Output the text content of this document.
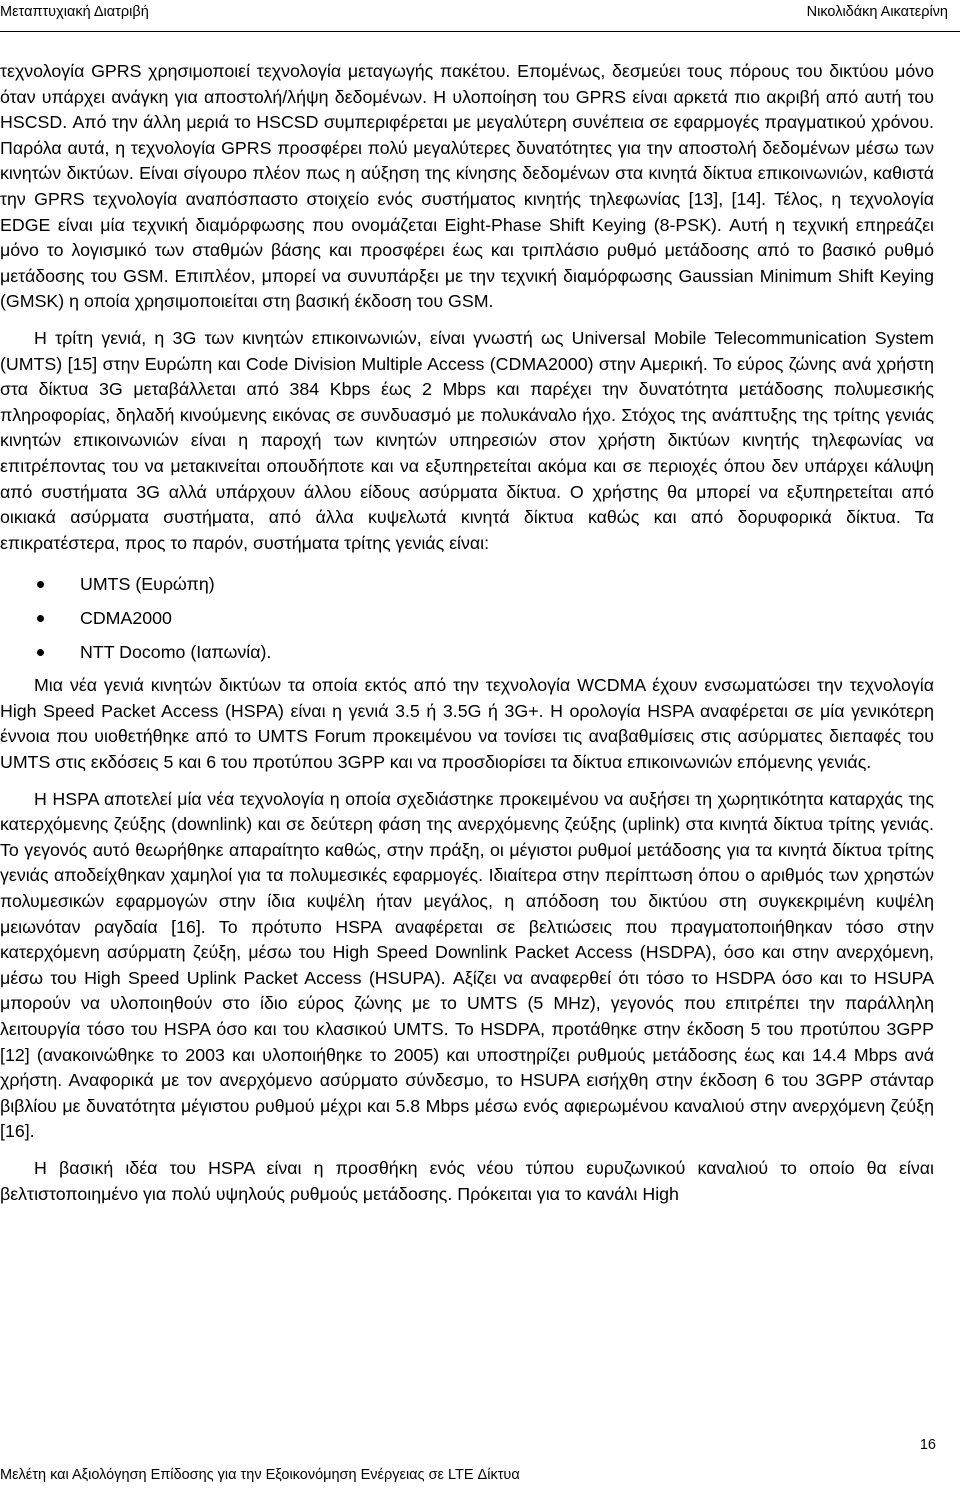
Μεταπτυχιακή Διατριβή	Νικολιδάκη Αικατερίνη

τεχνολογία GPRS χρησιμοποιεί τεχνολογία μεταγωγής πακέτου. Επομένως, δεσμεύει τους πόρους του δικτύου μόνο όταν υπάρχει ανάγκη για αποστολή/λήψη δεδομένων. Η υλοποίηση του GPRS είναι αρκετά πιο ακριβή από αυτή του HSCSD. Από την άλλη μεριά το HSCSD συμπεριφέρεται με μεγαλύτερη συνέπεια σε εφαρμογές πραγματικού χρόνου. Παρόλα αυτά, η τεχνολογία GPRS προσφέρει πολύ μεγαλύτερες δυνατότητες για την αποστολή δεδομένων μέσω των κινητών δικτύων. Είναι σίγουρο πλέον πως η αύξηση της κίνησης δεδομένων στα κινητά δίκτυα επικοινωνιών, καθιστά την GPRS τεχνολογία αναπόσπαστο στοιχείο ενός συστήματος κινητής τηλεφωνίας [13], [14]. Τέλος, η τεχνολογία EDGE είναι μία τεχνική διαμόρφωσης που ονομάζεται Eight-Phase Shift Keying (8-PSK). Αυτή η τεχνική επηρεάζει μόνο το λογισμικό των σταθμών βάσης και προσφέρει έως και τριπλάσιο ρυθμό μετάδοσης από το βασικό ρυθμό μετάδοσης του GSM. Επιπλέον, μπορεί να συνυπάρξει με την τεχνική διαμόρφωσης Gaussian Minimum Shift Keying (GMSK) η οποία χρησιμοποιείται στη βασική έκδοση του GSM.

Η τρίτη γενιά, η 3G των κινητών επικοινωνιών, είναι γνωστή ως Universal Mobile Telecommunication System (UMTS) [15] στην Ευρώπη και Code Division Multiple Access (CDMA2000) στην Αμερική. Το εύρος ζώνης ανά χρήστη στα δίκτυα 3G μεταβάλλεται από 384 Kbps έως 2 Mbps και παρέχει την δυνατότητα μετάδοσης πολυμεσικής πληροφορίας, δηλαδή κινούμενης εικόνας σε συνδυασμό με πολυκάναλο ήχο. Στόχος της ανάπτυξης της τρίτης γενιάς κινητών επικοινωνιών είναι η παροχή των κινητών υπηρεσιών στον χρήστη δικτύων κινητής τηλεφωνίας να επιτρέποντας του να μετακινείται οπουδήποτε και να εξυπηρετείται ακόμα και σε περιοχές όπου δεν υπάρχει κάλυψη από συστήματα 3G αλλά υπάρχουν άλλου είδους ασύρματα δίκτυα. Ο χρήστης θα μπορεί να εξυπηρετείται από οικιακά ασύρματα συστήματα, από άλλα κυψελωτά κινητά δίκτυα καθώς και από δορυφορικά δίκτυα. Τα επικρατέστερα, προς το παρόν, συστήματα τρίτης γενιάς είναι:

UMTS (Ευρώπη)
CDMA2000
NTT Docomo (Ιαπωνία).

Μια νέα γενιά κινητών δικτύων τα οποία εκτός από την τεχνολογία WCDMA έχουν ενσωματώσει την τεχνολογία High Speed Packet Access (HSPA) είναι η γενιά 3.5 ή 3.5G ή 3G+. Η ορολογία HSPA αναφέρεται σε μία γενικότερη έννοια που υιοθετήθηκε από το UMTS Forum προκειμένου να τονίσει τις αναβαθμίσεις στις ασύρματες διεπαφές του UMTS στις εκδόσεις 5 και 6 του προτύπου 3GPP και να προσδιορίσει τα δίκτυα επικοινωνιών επόμενης γενιάς.

Η HSPA αποτελεί μία νέα τεχνολογία η οποία σχεδιάστηκε προκειμένου να αυξήσει τη χωρητικότητα καταρχάς της κατερχόμενης ζεύξης (downlink) και σε δεύτερη φάση της ανερχόμενης ζεύξης (uplink) στα κινητά δίκτυα τρίτης γενιάς. Το γεγονός αυτό θεωρήθηκε απαραίτητο καθώς, στην πράξη, οι μέγιστοι ρυθμοί μετάδοσης για τα κινητά δίκτυα τρίτης γενιάς αποδείχθηκαν χαμηλοί για τα πολυμεσικές εφαρμογές. Ιδιαίτερα στην περίπτωση όπου ο αριθμός των χρηστών πολυμεσικών εφαρμογών στην ίδια κυψέλη ήταν μεγάλος, η απόδοση του δικτύου στη συγκεκριμένη κυψέλη μειωνόταν ραγδαία [16]. Το πρότυπο HSPA αναφέρεται σε βελτιώσεις που πραγματοποιήθηκαν τόσο στην κατερχόμενη ασύρματη ζεύξη, μέσω του High Speed Downlink Packet Access (HSDPA), όσο και στην ανερχόμενη, μέσω του High Speed Uplink Packet Access (HSUPA). Αξίζει να αναφερθεί ότι τόσο το HSDPA όσο και το HSUPA μπορούν να υλοποιηθούν στο ίδιο εύρος ζώνης με το UMTS (5 MHz), γεγονός που επιτρέπει την παράλληλη λειτουργία τόσο του HSPA όσο και του κλασικού UMTS. Το HSDPA, προτάθηκε στην έκδοση 5 του προτύπου 3GPP [12] (ανακοινώθηκε το 2003 και υλοποιήθηκε το 2005) και υποστηρίζει ρυθμούς μετάδοσης έως και 14.4 Mbps ανά χρήστη. Αναφορικά με τον ανερχόμενο ασύρματο σύνδεσμο, το HSUPA εισήχθη στην έκδοση 6 του 3GPP στάνταρ βιβλίου με δυνατότητα μέγιστου ρυθμού μέχρι και 5.8 Mbps μέσω ενός αφιερωμένου καναλιού στην ανερχόμενη ζεύξη [16].

Η βασική ιδέα του HSPA είναι η προσθήκη ενός νέου τύπου ευρυζωνικού καναλιού το οποίο θα είναι βελτιστοποιημένο για πολύ υψηλούς ρυθμούς μετάδοσης. Πρόκειται για το κανάλι High

16
Μελέτη και Αξιολόγηση Επίδοσης για την Εξοικονόμηση Ενέργειας σε LTE Δίκτυα
